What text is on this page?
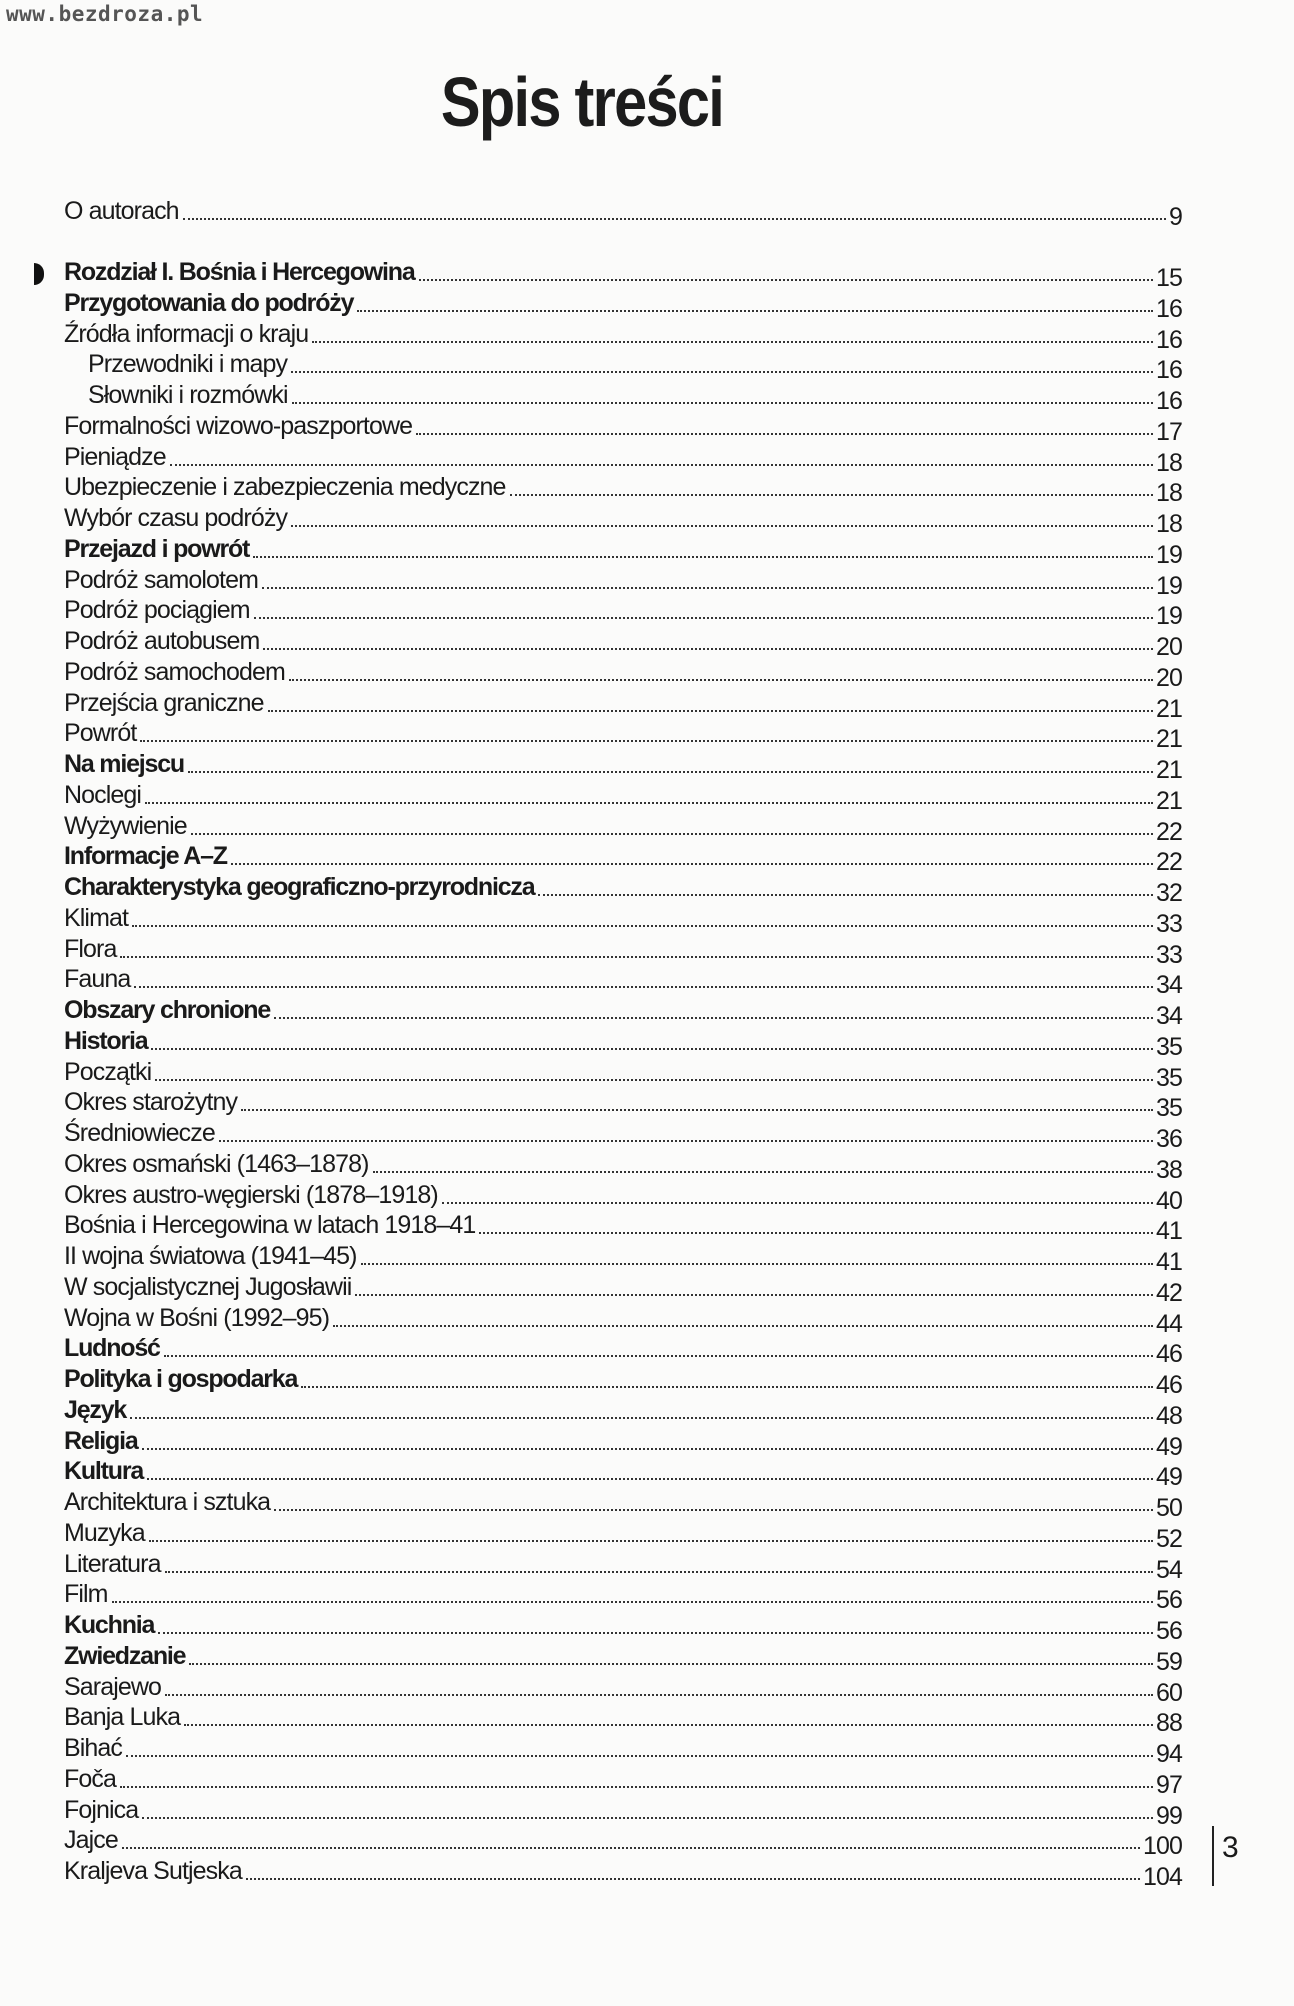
www.bezdroza.pl
Spis treści
O autorach	9
Rozdział I. Bośnia i Hercegowina	15
Przygotowania do podróży	16
Źródła informacji o kraju	16
Przewodniki i mapy	16
Słowniki i rozmówki	16
Formalności wizowo-paszportowe	17
Pieniądze	18
Ubezpieczenie i zabezpieczenia medyczne	18
Wybór czasu podróży	18
Przejazd i powrót	19
Podróż samolotem	19
Podróż pociągiem	19
Podróż autobusem	20
Podróż samochodem	20
Przejścia graniczne	21
Powrót	21
Na miejscu	21
Noclegi	21
Wyżywienie	22
Informacje A–Z	22
Charakterystyka geograficzno-przyrodnicza	32
Klimat	33
Flora	33
Fauna	34
Obszary chronione	34
Historia	35
Początki	35
Okres starożytny	35
Średniowiecze	36
Okres osmański (1463–1878)	38
Okres austro-węgierski (1878–1918)	40
Bośnia i Hercegowina w latach 1918–41	41
II wojna światowa (1941–45)	41
W socjalistycznej Jugosławii	42
Wojna w Bośni (1992–95)	44
Ludność	46
Polityka i gospodarka	46
Język	48
Religia	49
Kultura	49
Architektura i sztuka	50
Muzyka	52
Literatura	54
Film	56
Kuchnia	56
Zwiedzanie	59
Sarajewo	60
Banja Luka	88
Bihać	94
Foča	97
Fojnica	99
Jajce	100
Kraljeva Sutjeska	104
3
